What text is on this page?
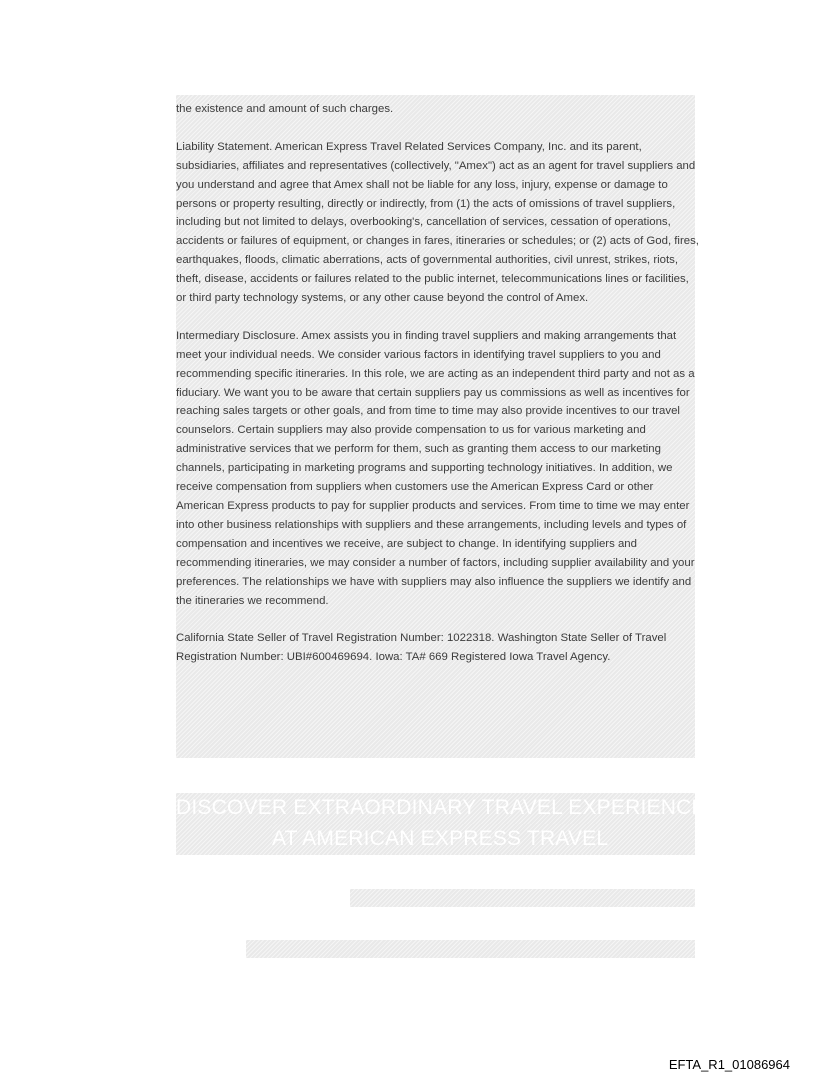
the existence and amount of such charges.

Liability Statement. American Express Travel Related Services Company, Inc. and its parent, subsidiaries, affiliates and representatives (collectively, "Amex") act as an agent for travel suppliers and you understand and agree that Amex shall not be liable for any loss, injury, expense or damage to persons or property resulting, directly or indirectly, from (1) the acts of omissions of travel suppliers, including but not limited to delays, overbooking's, cancellation of services, cessation of operations, accidents or failures of equipment, or changes in fares, itineraries or schedules; or (2) acts of God, fires, earthquakes, floods, climatic aberrations, acts of governmental authorities, civil unrest, strikes, riots, theft, disease, accidents or failures related to the public internet, telecommunications lines or facilities, or third party technology systems, or any other cause beyond the control of Amex.

Intermediary Disclosure. Amex assists you in finding travel suppliers and making arrangements that meet your individual needs. We consider various factors in identifying travel suppliers to you and recommending specific itineraries. In this role, we are acting as an independent third party and not as a fiduciary. We want you to be aware that certain suppliers pay us commissions as well as incentives for reaching sales targets or other goals, and from time to time may also provide incentives to our travel counselors. Certain suppliers may also provide compensation to us for various marketing and administrative services that we perform for them, such as granting them access to our marketing channels, participating in marketing programs and supporting technology initiatives. In addition, we receive compensation from suppliers when customers use the American Express Card or other American Express products to pay for supplier products and services. From time to time we may enter into other business relationships with suppliers and these arrangements, including levels and types of compensation and incentives we receive, are subject to change. In identifying suppliers and recommending itineraries, we may consider a number of factors, including supplier availability and your preferences. The relationships we have with suppliers may also influence the suppliers we identify and the itineraries we recommend.

California State Seller of Travel Registration Number: 1022318. Washington State Seller of Travel Registration Number: UBI#600469694. Iowa: TA# 669 Registered Iowa Travel Agency.

DISCOVER EXTRAORDINARY TRAVEL EXPERIENCES
AT AMERICAN EXPRESS TRAVEL
EFTA_R1_01086964
